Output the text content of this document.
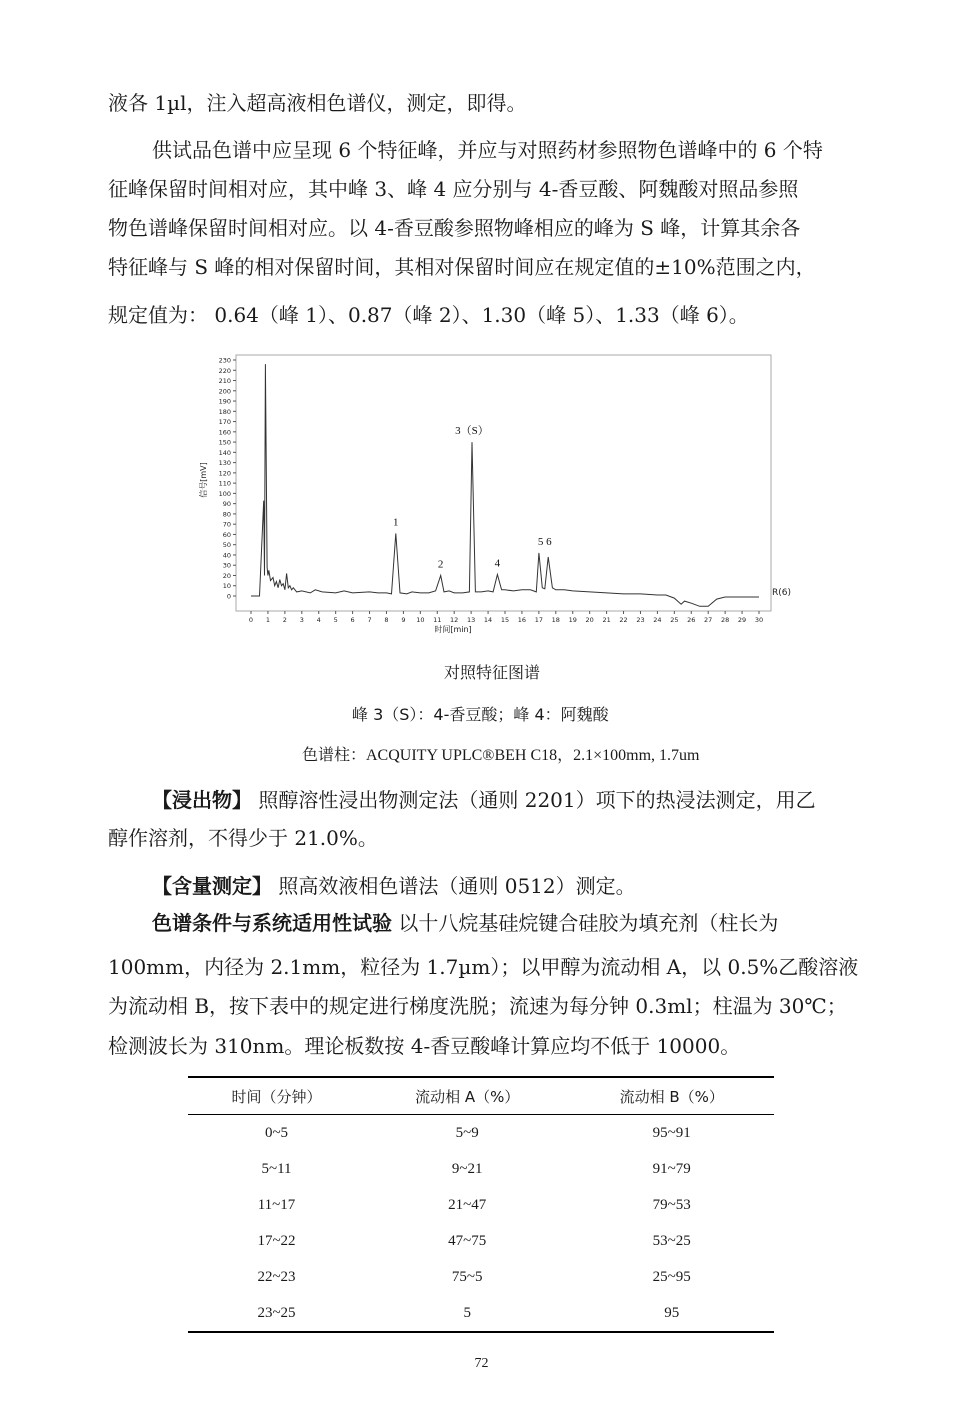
液各 1µl，注入超高液相色谱仪，测定，即得。
供试品色谱中应呈现 6 个特征峰，并应与对照药材参照物色谱峰中的 6 个特
征峰保留时间相对应，其中峰 3、峰 4 应分别与 4-香豆酸、阿魏酸对照品参照
物色谱峰保留时间相对应。以 4-香豆酸参照物峰相应的峰为 S 峰，计算其余各
特征峰与 S 峰的相对保留时间，其相对保留时间应在规定值的±10%范围之内，
规定值为： 0.64（峰 1）、0.87（峰 2）、1.30（峰 5）、1.33（峰 6）。
0
10
20
30
40
50
60
70
80
90
100
110
120
130
140
150
160
170
180
190
200
210
220
230
0 1 2 3 4 5 6 7 8 9 10 11 12 13 14 15 16 17 18 19 20 21 22 23 24 25 26 27 28 29 30
1
2
3（S）
4
5 6
R(6)
信号[mV]
时间[min]
对照特征图谱
峰 3（S）：4-香豆酸；峰 4：阿魏酸
色谱柱：ACQUITY UPLC®BEH C18，2.1×100mm, 1.7um
【浸出物】 照醇溶性浸出物测定法（通则 2201）项下的热浸法测定，用乙
醇作溶剂，不得少于 21.0%。
【含量测定】 照高效液相色谱法（通则 0512）测定。
色谱条件与系统适用性试验 以十八烷基硅烷键合硅胶为填充剂（柱长为
100mm，内径为 2.1mm，粒径为 1.7µm）；以甲醇为流动相 A，以 0.5%乙酸溶液
为流动相 B，按下表中的规定进行梯度洗脱；流速为每分钟 0.3ml；柱温为 30℃；
检测波长为 310nm。理论板数按 4-香豆酸峰计算应均不低于 10000。
时间（分钟）	流动相 A（%）	流动相 B（%）
0~5	5~9	95~91
5~11	9~21	91~79
11~17	21~47	79~53
17~22	47~75	53~25
22~23	75~5	25~95
23~25	5	95
72
